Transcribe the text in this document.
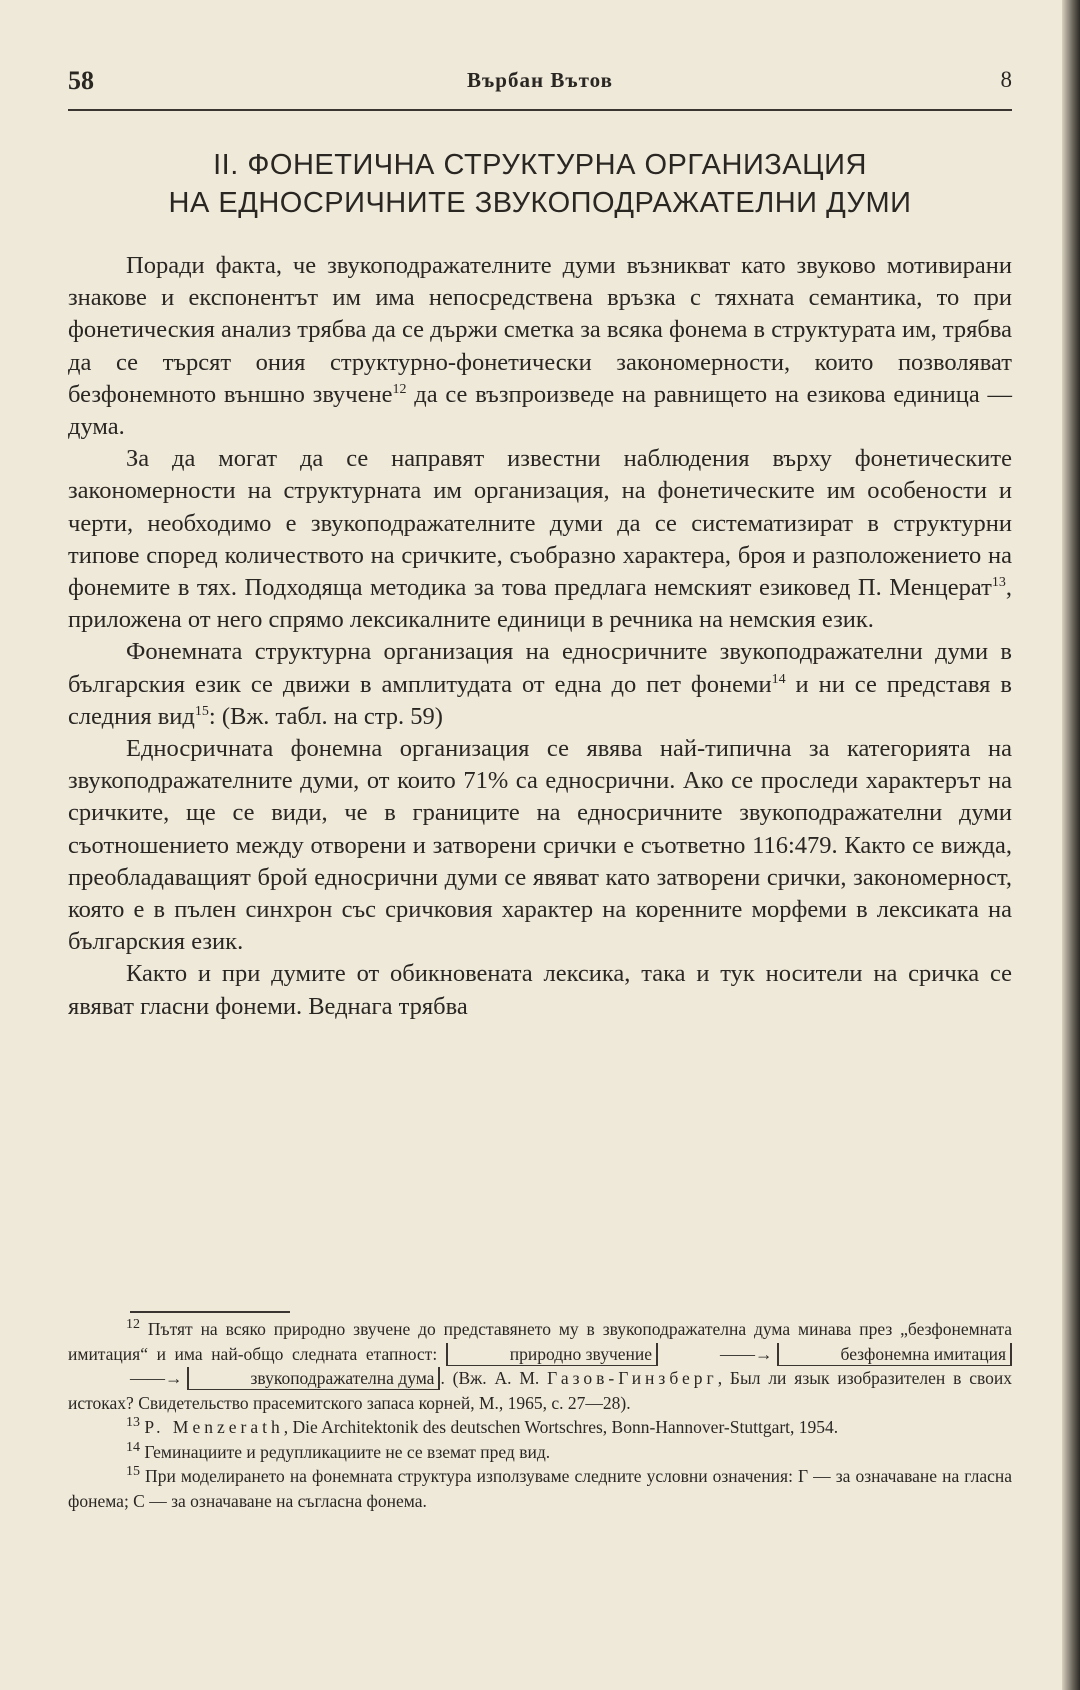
58	Върбан Вътов	8
II. ФОНЕТИЧНА СТРУКТУРНА ОРГАНИЗАЦИЯ
НА ЕДНОСРИЧНИТЕ ЗВУКОПОДРАЖАТЕЛНИ ДУМИ

Поради факта, че звукоподражателните думи възникват като звуково мотивирани знакове и експонентът им има непосредствена връзка с тяхната семантика, то при фонетическия анализ трябва да се държи сметка за всяка фонема в структурата им, трябва да се търсят ония структурно-фонетически закономерности, които позволяват безфонемното външно звучене$^{12}$ да се възпроизведе на равнището на езикова единица — дума.

За да могат да се направят известни наблюдения върху фонетическите закономерности на структурната им организация, на фонетическите им особености и черти, необходимо е звукоподражателните думи да се систематизират в структурни типове според количеството на сричките, съобразно характера, броя и разположението на фонемите в тях. Подходяща методика за това предлага немският езиковед П. Менцерат$^{13}$, приложена от него спрямо лексикалните единици в речника на немския език.

Фонемната структурна организация на едносричните звукоподражателни думи в българския език се движи в амплитудата от една до пет фонеми$^{14}$ и ни се представя в следния вид$^{15}$: (Вж. табл. на стр. 59)

Едносричната фонемна организация се явява най-типична за категорията на звукоподражателните думи, от които 71% са едносрични. Ако се проследи характерът на сричките, ще се види, че в границите на едносричните звукоподражателни думи съотношението между отворени и затворени срички е съответно 116:479. Както се вижда, преобладаващият брой едносрични думи се явяват като затворени срички, закономерност, която е в пълен синхрон със сричковия характер на коренните морфеми в лексиката на българския език.

Както и при думите от обикновената лексика, така и тук носители на сричка се явяват гласни фонеми. Веднага трябва

$^{12}$ Пътят на всяко природно звучене до представянето му в звукоподражателна дума минава през „безфонемната имитация“ и има най-общо следната етапност:	природно звучение	——→	безфонемна имитация——→	звукоподражателна дума . (Вж. А. М. Газов-Гинзберг, Был ли язык изобразителен в своих истоках? Свидетельство прасемитского запаса корней, М., 1965, с. 27—28).

$^{13}$ P. Menzerath, Die Architektonik des deutschen Wortschres, Bonn-Hannover-Stuttgart, 1954.

$^{14}$ Геминациите и редупликациите не се вземат пред вид.

$^{15}$ При моделирането на фонемната структура използуваме следните условни означения: Г — за означаване на гласна фонема; С — за означаване на съгласна фонема.
